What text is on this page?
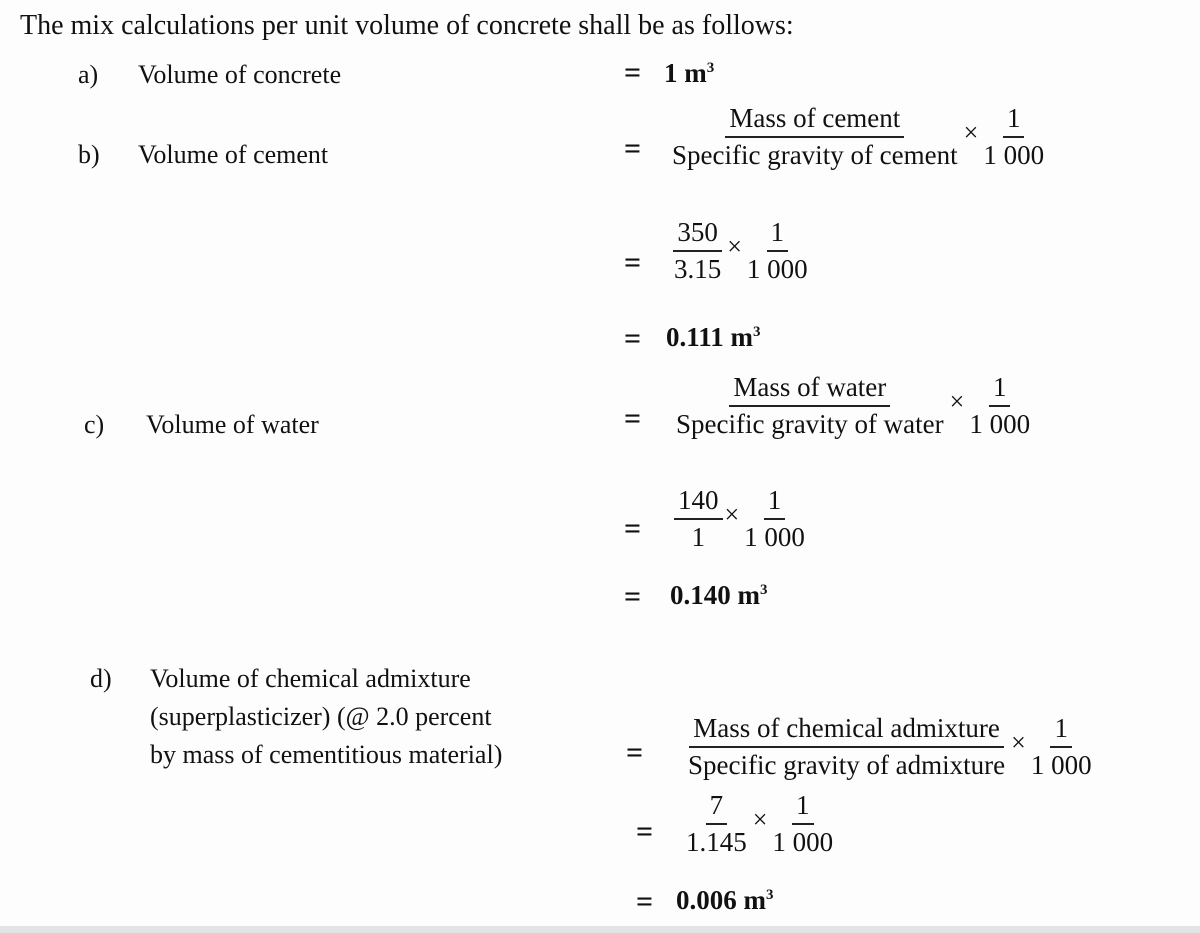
The mix calculations per unit volume of concrete shall be as follows:
a) Volume of concrete	= 1 $m^3$
b) Volume of cement	= $\frac{\text{Mass of cement}}{\text{Specific gravity of cement}} \times \frac{1}{1 000}$
= $\frac{350}{3.15} \times \frac{1}{1 000}$
= 0.111 $m^3$
c) Volume of water	= $\frac{\text{Mass of water}}{\text{Specific gravity of water}} \times \frac{1}{1 000}$
= $\frac{140}{1} \times \frac{1}{1 000}$
= 0.140 $m^3$
d) Volume of chemical admixture
(superplasticizer) (@ 2.0 percent
by mass of cementitious material)	= $\frac{\text{Mass of chemical admixture}}{\text{Specific gravity of admixture}} \times \frac{1}{1 000}$
= $\frac{7}{1.145} \times \frac{1}{1 000}$
= 0.006 $m^3$
